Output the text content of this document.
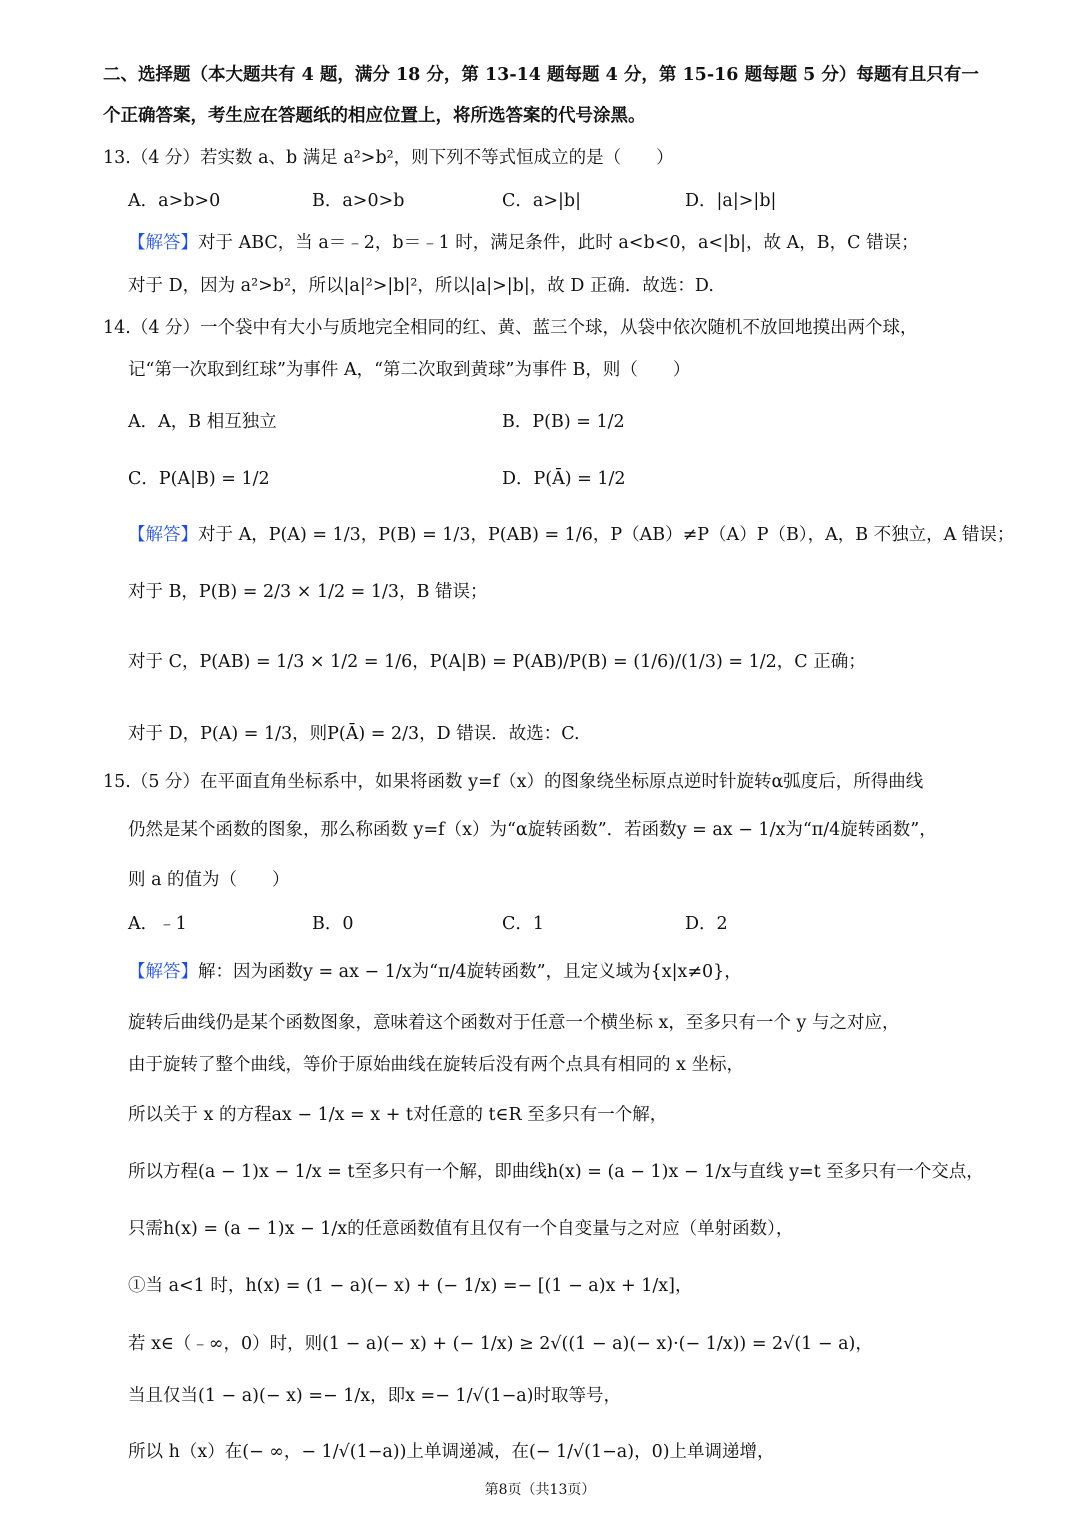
二、选择题（本大题共有 4 题，满分 18 分，第 13-14 题每题 4 分，第 15-16 题每题 5 分）每题有且只有一
个正确答案，考生应在答题纸的相应位置上，将所选答案的代号涂黑。
13.（4 分）若实数 a、b 满足 a²>b²，则下列不等式恒成立的是（　　）
A．a>b>0	B．a>0>b	C．a>|b|	D．|a|>|b|
【解答】对于 ABC，当 a＝﹣2，b＝﹣1 时，满足条件，此时 a<b<0，a<|b|，故 A，B，C 错误；
对于 D，因为 a²>b²，所以|a|²>|b|²，所以|a|>|b|，故 D 正确．故选：D.
14.（4 分）一个袋中有大小与质地完全相同的红、黄、蓝三个球，从袋中依次随机不放回地摸出两个球，
记“第一次取到红球”为事件 A，“第二次取到黄球”为事件 B，则（　　）
A．A，B 相互独立	B．P(B) = 1/2
C．P(A|B) = 1/2	D．P(Ā) = 1/2
【解答】对于 A，P(A) = 1/3，P(B) = 1/3，P(AB) = 1/6，P（AB）≠P（A）P（B），A，B 不独立，A 错误；
对于 B，P(B) = 2/3 × 1/2 = 1/3，B 错误；
对于 C，P(AB) = 1/3 × 1/2 = 1/6，P(A|B) = P(AB)/P(B) = (1/6)/(1/3) = 1/2，C 正确；
对于 D，P(A) = 1/3，则P(Ā) = 2/3，D 错误．故选：C.
15.（5 分）在平面直角坐标系中，如果将函数 y=f（x）的图象绕坐标原点逆时针旋转α弧度后，所得曲线
仍然是某个函数的图象，那么称函数 y=f（x）为“α旋转函数”．若函数y = ax − 1/x为“π/4旋转函数”，
则 a 的值为（　　）
A．﹣1	B．0	C．1	D．2
【解答】解：因为函数y = ax − 1/x为“π/4旋转函数”，且定义域为{x|x≠0}，
旋转后曲线仍是某个函数图象，意味着这个函数对于任意一个横坐标 x，至多只有一个 y 与之对应，
由于旋转了整个曲线，等价于原始曲线在旋转后没有两个点具有相同的 x 坐标，
所以关于 x 的方程ax − 1/x = x + t对任意的 t∈R 至多只有一个解，
所以方程(a − 1)x − 1/x = t至多只有一个解，即曲线h(x) = (a − 1)x − 1/x与直线 y=t 至多只有一个交点，
只需h(x) = (a − 1)x − 1/x的任意函数值有且仅有一个自变量与之对应（单射函数），
①当 a<1 时，h(x) = (1 − a)(− x) + (− 1/x) =− [(1 − a)x + 1/x]，
若 x∈（﹣∞，0）时，则(1 − a)(− x) + (− 1/x) ≥ 2√((1 − a)(− x)·(− 1/x)) = 2√(1 − a)，
当且仅当(1 − a)(− x) =− 1/x，即x =− 1/√(1−a)时取等号，
所以 h（x）在(− ∞，− 1/√(1−a))上单调递减，在(− 1/√(1−a)，0)上单调递增，
第8页（共13页）
